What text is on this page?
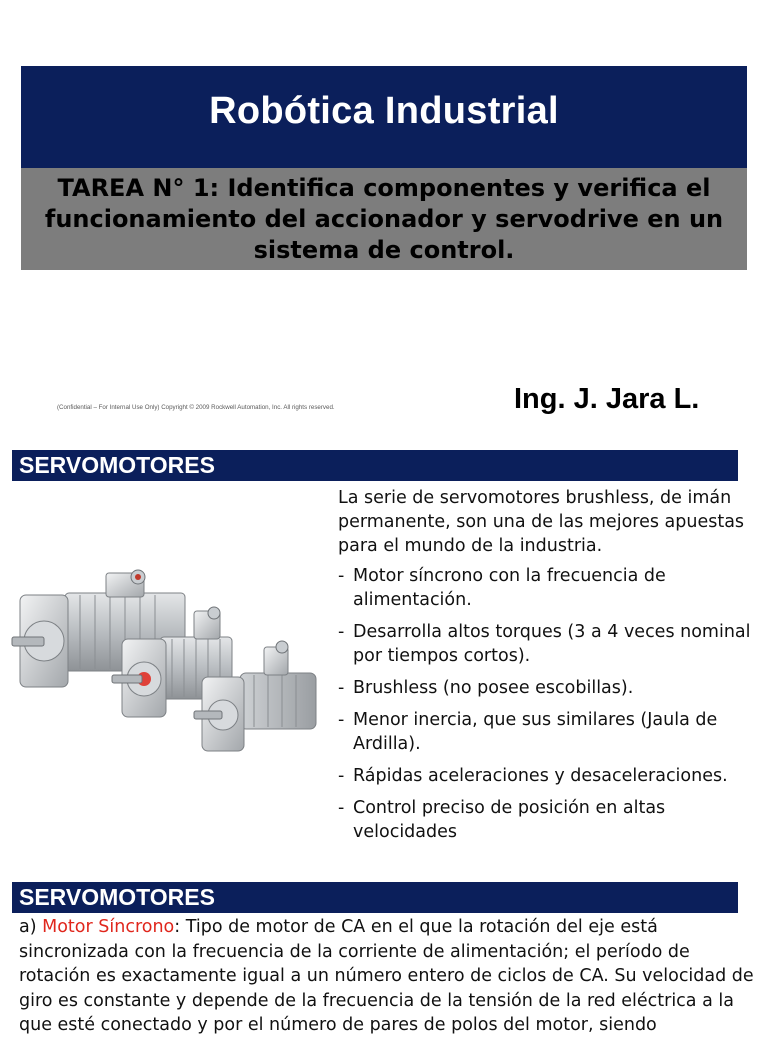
Robótica Industrial
TAREA N° 1: Identifica componentes y verifica el funcionamiento del accionador y servodrive en un sistema de control.
(Confidential – For Internal Use Only) Copyright © 2009 Rockwell Automation, Inc. All rights reserved.	Ing. J. Jara L.
SERVOMOTORES
La serie de servomotores brushless, de imán permanente, son una de las mejores apuestas para el mundo de la industria.
- Motor síncrono con la frecuencia de alimentación.
- Desarrolla altos torques (3 a 4 veces nominal por tiempos cortos).
- Brushless (no posee escobillas).
- Menor inercia, que sus similares (Jaula de Ardilla).
- Rápidas aceleraciones y desaceleraciones.
- Control preciso de posición en altas velocidades
SERVOMOTORES
a) Motor Síncrono: Tipo de motor de CA en el que la rotación del eje está sincronizada con la frecuencia de la corriente de alimentación; el período de rotación es exactamente igual a un número entero de ciclos de CA. Su velocidad de giro es constante y depende de la frecuencia de la tensión de la red eléctrica a la que esté conectado y por el número de pares de polos del motor, siendo
